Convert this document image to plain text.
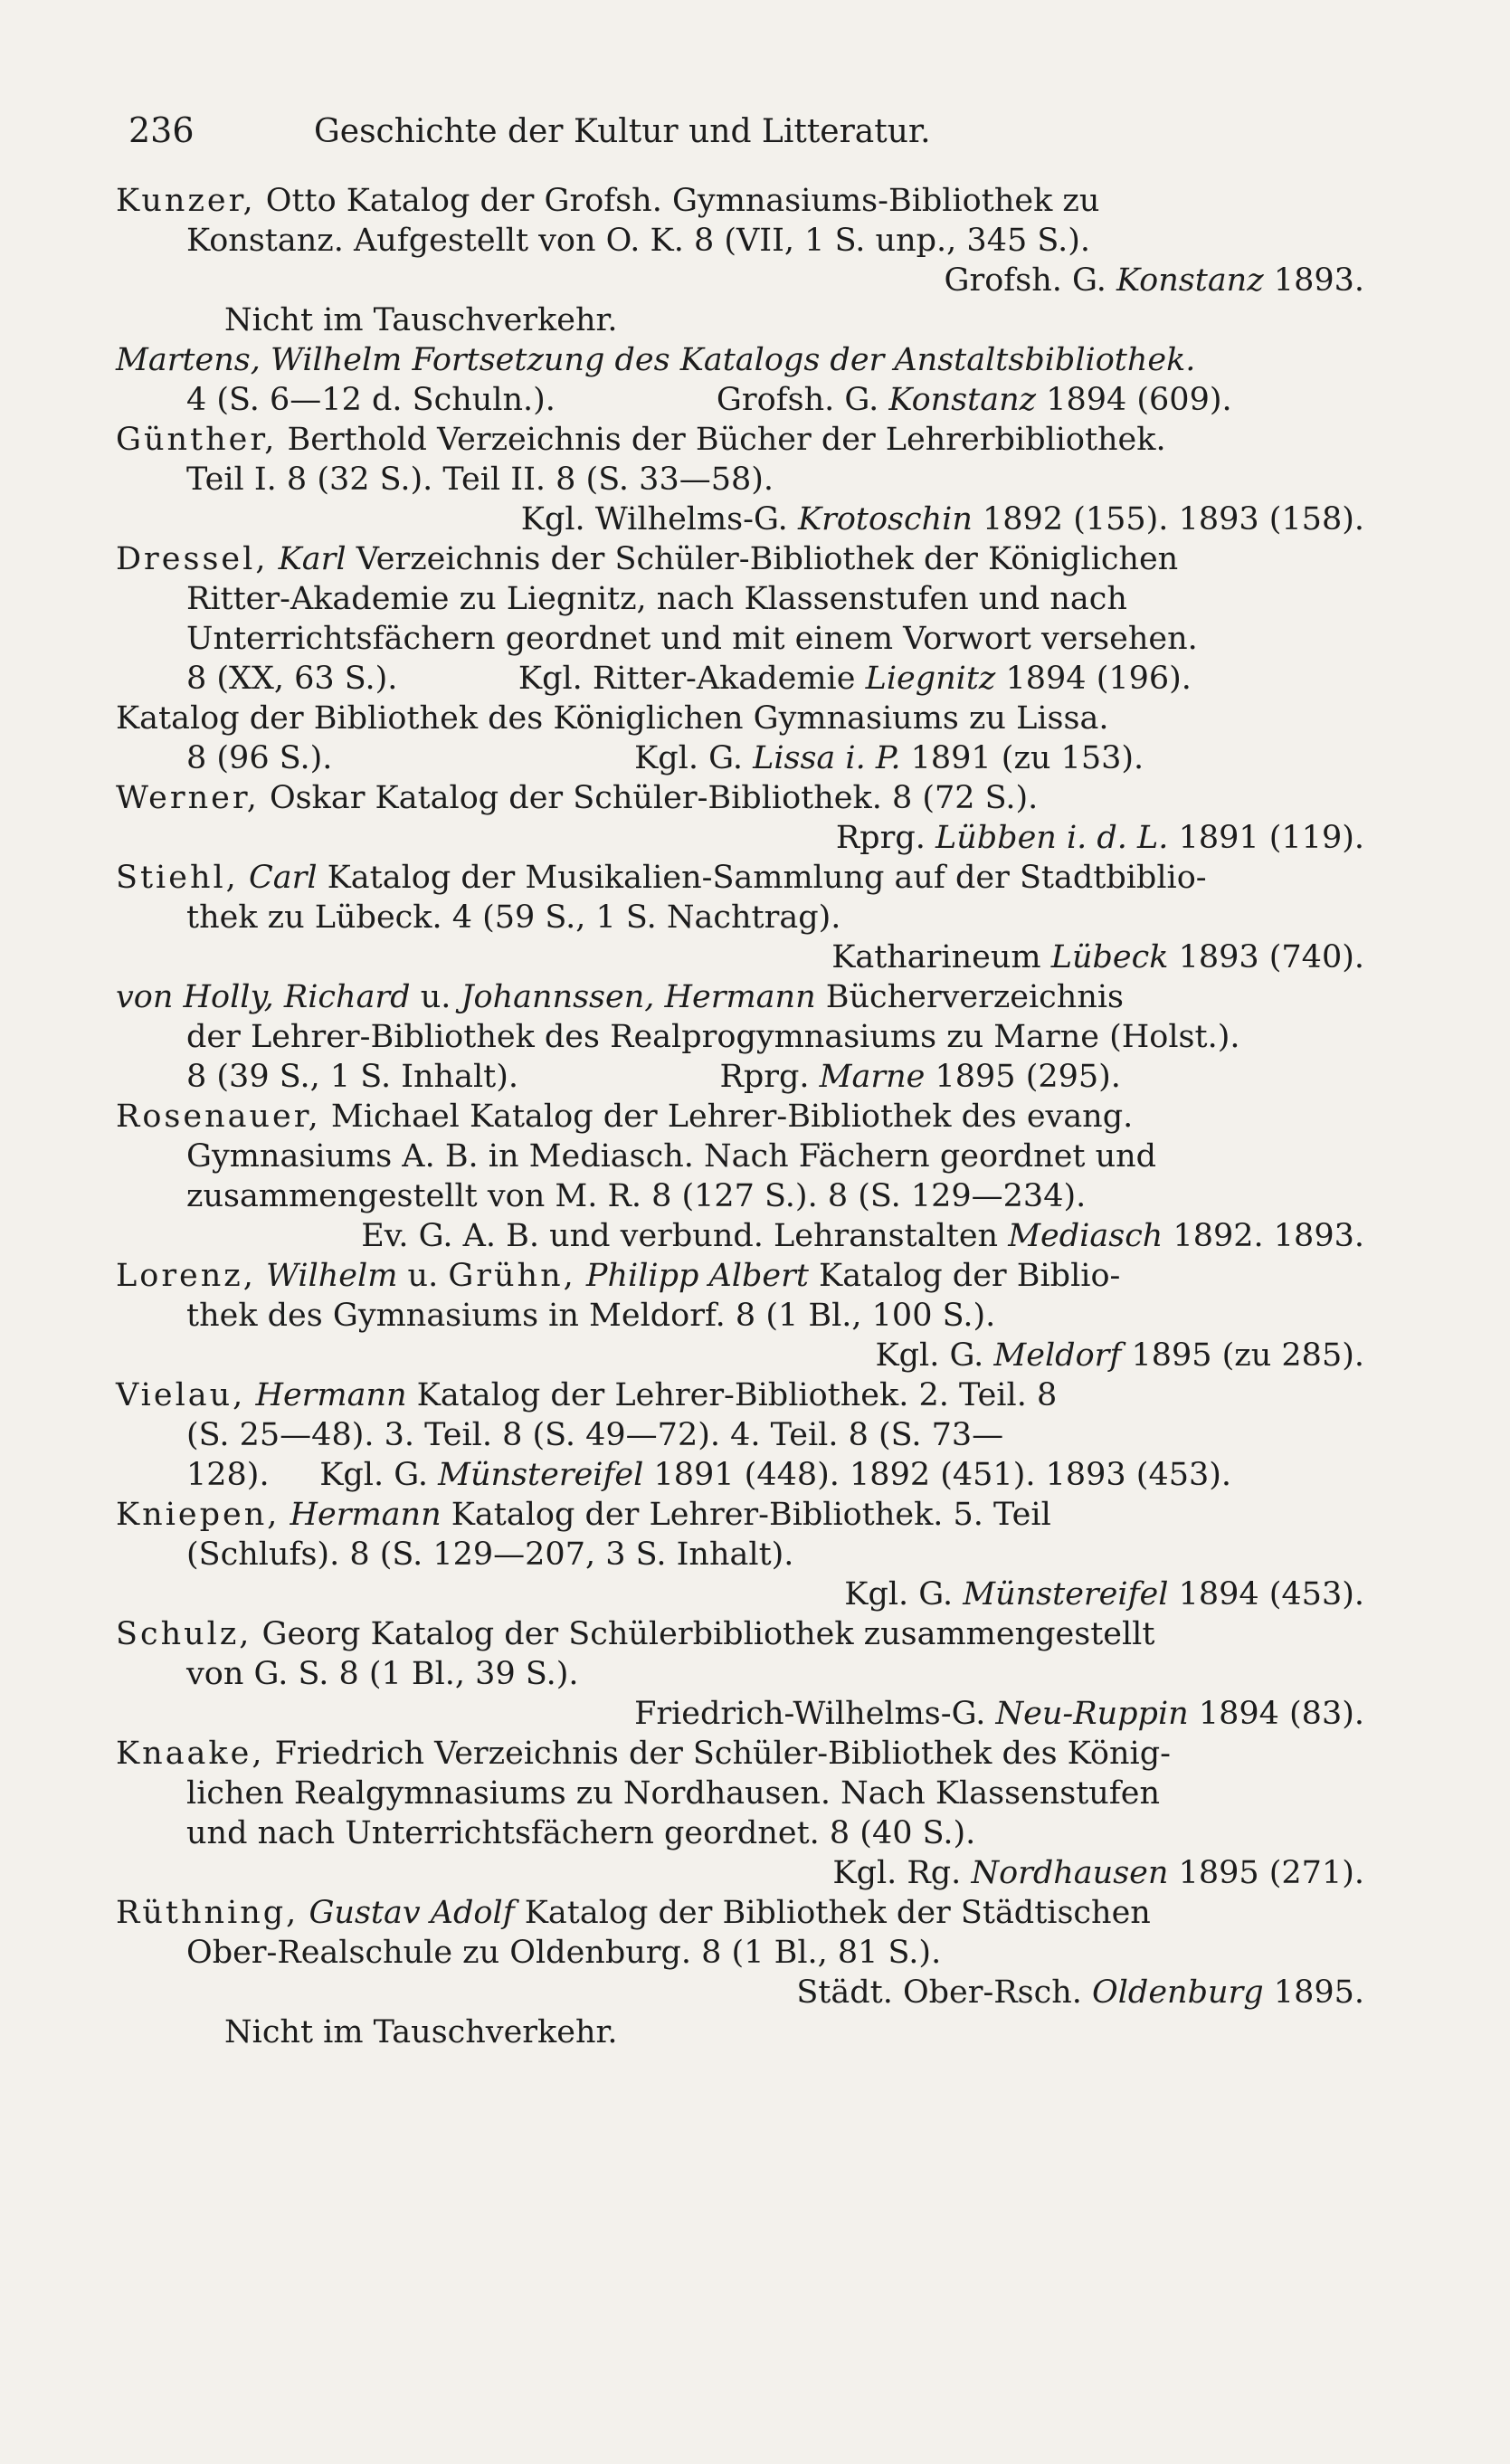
236	Geschichte der Kultur und Litteratur.
Kunzer, Otto Katalog der Grofsh. Gymnasiums-Bibliothek zu
Konstanz. Aufgestellt von O. K. 8 (VII, 1 S. unp., 345 S.).
Grofsh. G. Konstanz 1893.
Nicht im Tauschverkehr.
Martens, Wilhelm Fortsetzung des Katalogs der Anstaltsbibliothek.
4 (S. 6—12 d. Schuln.).                Grofsh. G. Konstanz 1894 (609).
Günther, Berthold Verzeichnis der Bücher der Lehrerbibliothek.
Teil I. 8 (32 S.). Teil II. 8 (S. 33—58).
Kgl. Wilhelms-G. Krotoschin 1892 (155). 1893 (158).
Dressel, Karl Verzeichnis der Schüler-Bibliothek der Königlichen
Ritter-Akademie zu Liegnitz, nach Klassenstufen und nach
Unterrichtsfächern geordnet und mit einem Vorwort versehen.
8 (XX, 63 S.).            Kgl. Ritter-Akademie Liegnitz 1894 (196).
Katalog der Bibliothek des Königlichen Gymnasiums zu Lissa.
8 (96 S.).                              Kgl. G. Lissa i. P. 1891 (zu 153).
Werner, Oskar Katalog der Schüler-Bibliothek. 8 (72 S.).
Rprg. Lübben i. d. L. 1891 (119).
Stiehl, Carl Katalog der Musikalien-Sammlung auf der Stadtbiblio-
thek zu Lübeck. 4 (59 S., 1 S. Nachtrag).
Katharineum Lübeck 1893 (740).
von Holly, Richard u. Johannssen, Hermann Bücherverzeichnis
der Lehrer-Bibliothek des Realprogymnasiums zu Marne (Holst.).
8 (39 S., 1 S. Inhalt).                    Rprg. Marne 1895 (295).
Rosenauer, Michael Katalog der Lehrer-Bibliothek des evang.
Gymnasiums A. B. in Mediasch. Nach Fächern geordnet und
zusammengestellt von M. R. 8 (127 S.). 8 (S. 129—234).
Ev. G. A. B. und verbund. Lehranstalten Mediasch 1892. 1893.
Lorenz, Wilhelm u. Grühn, Philipp Albert Katalog der Biblio-
thek des Gymnasiums in Meldorf. 8 (1 Bl., 100 S.).
Kgl. G. Meldorf 1895 (zu 285).
Vielau, Hermann Katalog der Lehrer-Bibliothek. 2. Teil. 8
(S. 25—48). 3. Teil. 8 (S. 49—72). 4. Teil. 8 (S. 73—
128).     Kgl. G. Münstereifel 1891 (448). 1892 (451). 1893 (453).
Kniepen, Hermann Katalog der Lehrer-Bibliothek. 5. Teil
(Schlufs). 8 (S. 129—207, 3 S. Inhalt).
Kgl. G. Münstereifel 1894 (453).
Schulz, Georg Katalog der Schülerbibliothek zusammengestellt
von G. S. 8 (1 Bl., 39 S.).
Friedrich-Wilhelms-G. Neu-Ruppin 1894 (83).
Knaake, Friedrich Verzeichnis der Schüler-Bibliothek des König-
lichen Realgymnasiums zu Nordhausen. Nach Klassenstufen
und nach Unterrichtsfächern geordnet. 8 (40 S.).
Kgl. Rg. Nordhausen 1895 (271).
Rüthning, Gustav Adolf Katalog der Bibliothek der Städtischen
Ober-Realschule zu Oldenburg. 8 (1 Bl., 81 S.).
Städt. Ober-Rsch. Oldenburg 1895.
Nicht im Tauschverkehr.
